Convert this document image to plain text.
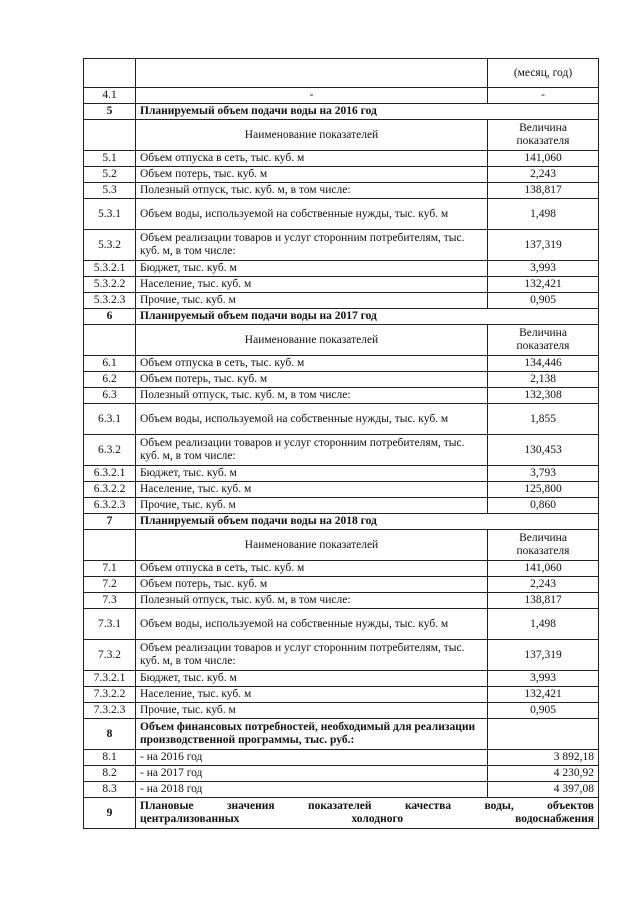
		(месяц, год)
4.1	-	-
5	Планируемый объем подачи воды на 2016 год	
	Наименование показателей	Величина
показателя

5.1	Объем отпуска в сеть, тыс. куб. м	141,060
5.2	Объем потерь, тыс. куб. м	2,243
5.3	Полезный отпуск, тыс. куб. м, в том числе:	138,817
5.3.1	Объем воды, используемой на собственные нужды, тыс. куб. м	1,498
5.3.2	Объем реализации товаров и услуг сторонним потребителям, тыс. куб. м, в том числе:	137,319
5.3.2.1	Бюджет, тыс. куб. м	3,993
5.3.2.2	Население, тыс. куб. м	132,421
5.3.2.3	Прочие, тыс. куб. м	0,905
6	Планируемый объем подачи воды на 2017 год	
	Наименование показателей	Величина
показателя

6.1	Объем отпуска в сеть, тыс. куб. м	134,446
6.2	Объем потерь, тыс. куб. м	2,138
6.3	Полезный отпуск, тыс. куб. м, в том числе:	132,308
6.3.1	Объем воды, используемой на собственные нужды, тыс. куб. м	1,855
6.3.2	Объем реализации товаров и услуг сторонним потребителям, тыс. куб. м, в том числе:	130,453
6.3.2.1	Бюджет, тыс. куб. м	3,793
6.3.2.2	Население, тыс. куб. м	125,800
6.3.2.3	Прочие, тыс. куб. м	0,860
7	Планируемый объем подачи воды на 2018 год	
	Наименование показателей	Величина
показателя

7.1	Объем отпуска в сеть, тыс. куб. м	141,060
7.2	Объем потерь, тыс. куб. м	2,243
7.3	Полезный отпуск, тыс. куб. м, в том числе:	138,817
7.3.1	Объем воды, используемой на собственные нужды, тыс. куб. м	1,498
7.3.2	Объем реализации товаров и услуг сторонним потребителям, тыс. куб. м, в том числе:	137,319
7.3.2.1	Бюджет, тыс. куб. м	3,993
7.3.2.2	Население, тыс. куб. м	132,421
7.3.2.3	Прочие, тыс. куб. м	0,905
8	Объем финансовых потребностей, необходимый для реализации производственной программы, тыс. руб.:	
8.1	- на 2016 год	3 892,18
8.2	- на 2017 год	4 230,92
8.3	- на 2018 год	4 397,08
9	Плановые значения показателей качества воды, объектов
централизованных холодного водоснабжения	
